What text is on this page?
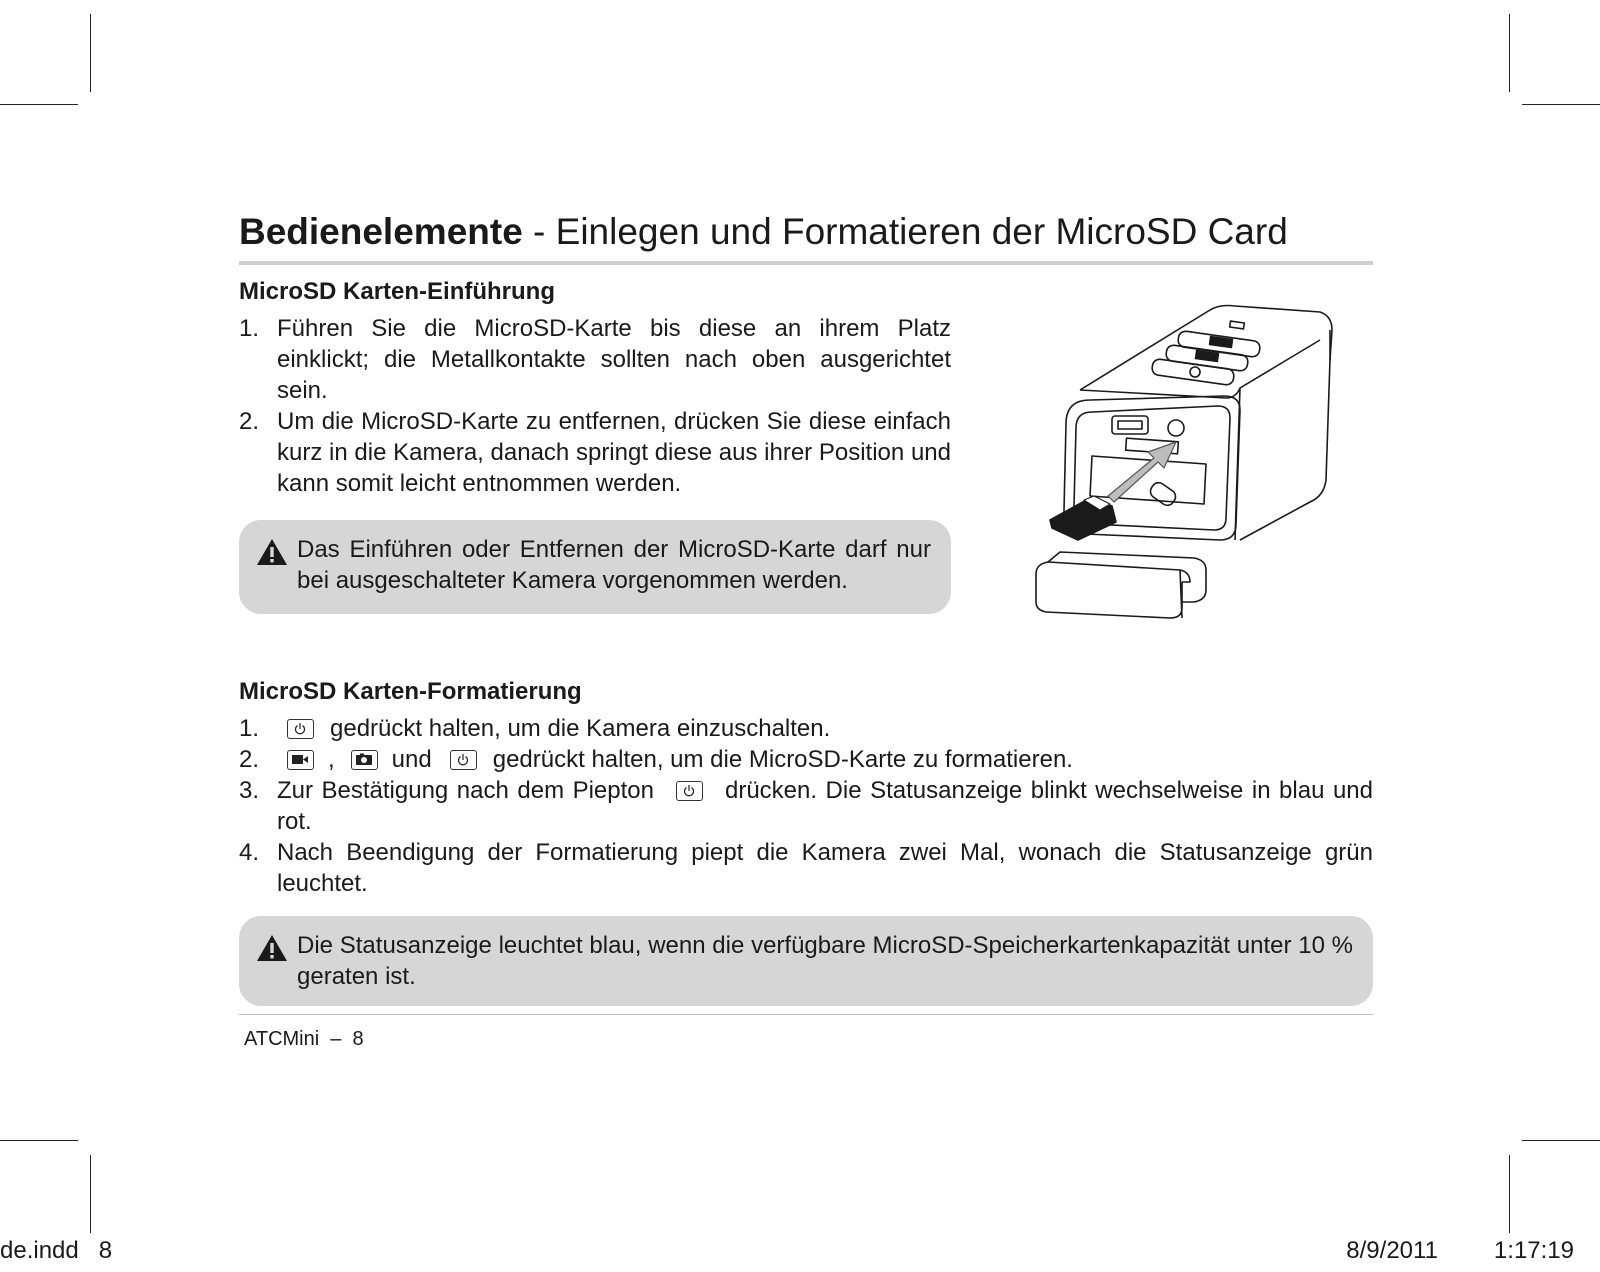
Bedienelemente - Einlegen und Formatieren der MicroSD Card
MicroSD Karten-Einführung
1. Führen Sie die MicroSD-Karte bis diese an ihrem Platz einklickt; die Metallkontakte sollten nach oben ausgerichtet sein.
2. Um die MicroSD-Karte zu entfernen, drücken Sie diese einfach kurz in die Kamera, danach springt diese aus ihrer Position und kann somit leicht entnommen werden.
Das Einführen oder Entfernen der MicroSD-Karte darf nur bei ausgeschalteter Kamera vorgenommen werden.
MicroSD Karten-Formatierung
1.	gedrückt halten, um die Kamera einzuschalten.
2.	, und	gedrückt halten, um die MicroSD-Karte zu formatieren.
3. Zur Bestätigung nach dem Piepton	drücken. Die Statusanzeige blinkt wechselweise in blau und rot.
4. Nach Beendigung der Formatierung piept die Kamera zwei Mal, wonach die Statusanzeige grün leuchtet.
Die Statusanzeige leuchtet blau, wenn die verfügbare MicroSD-Speicherkartenkapazität unter 10 % geraten ist.
ATCMini  –  8
de.indd   8	8/9/2011   1:17:19
